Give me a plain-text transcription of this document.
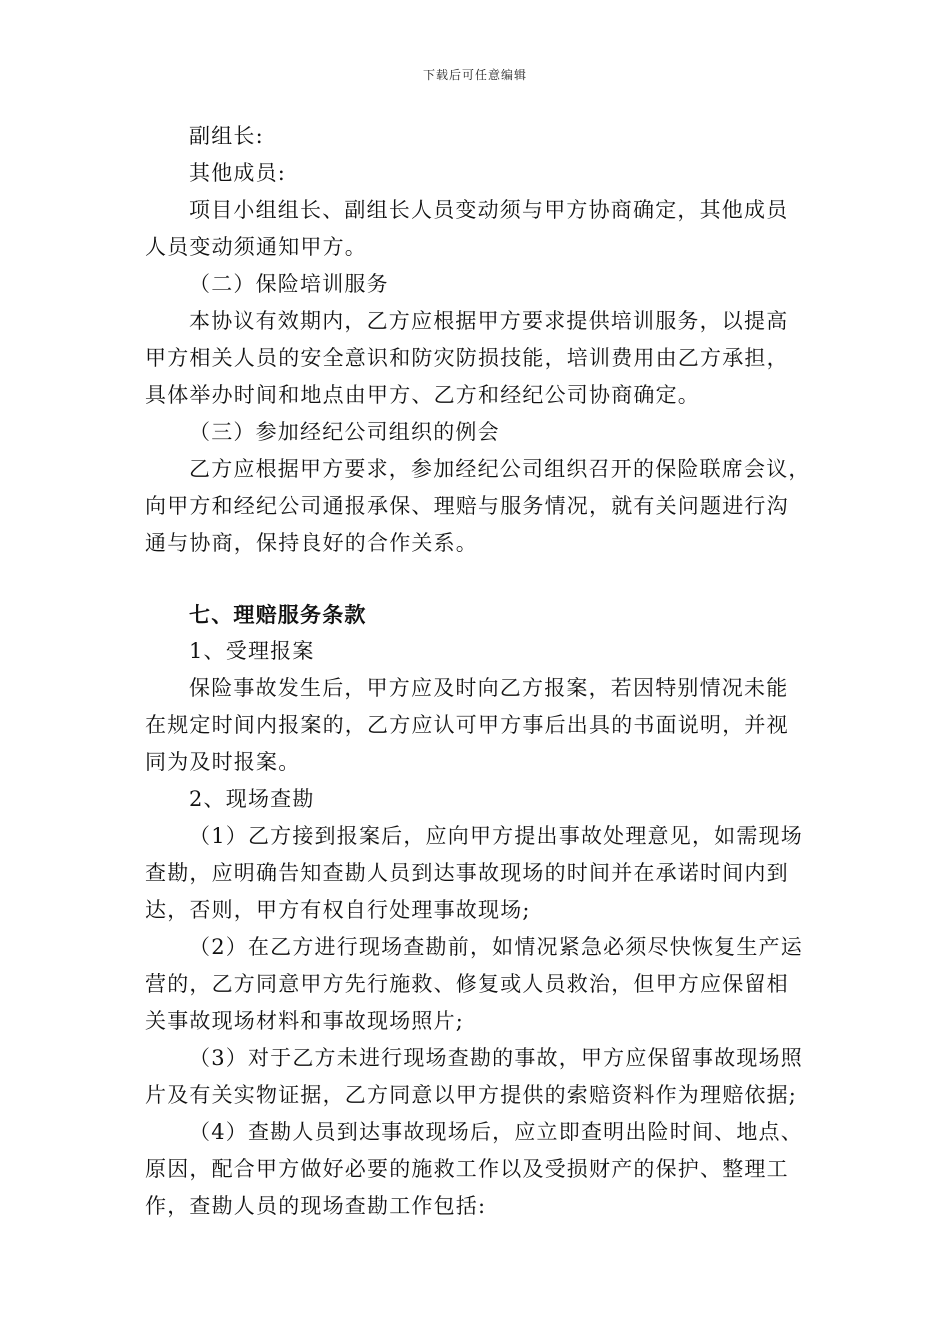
下载后可任意编辑
副组长:
其他成员:
项目小组组长、副组长人员变动须与甲方协商确定，其他成员
人员变动须通知甲方。
（二）保险培训服务
本协议有效期内，乙方应根据甲方要求提供培训服务，以提高
甲方相关人员的安全意识和防灾防损技能，培训费用由乙方承担，
具体举办时间和地点由甲方、乙方和经纪公司协商确定。
（三）参加经纪公司组织的例会
乙方应根据甲方要求，参加经纪公司组织召开的保险联席会议，
向甲方和经纪公司通报承保、理赔与服务情况，就有关问题进行沟
通与协商，保持良好的合作关系。
七、理赔服务条款
1、受理报案
保险事故发生后，甲方应及时向乙方报案，若因特别情况未能
在规定时间内报案的，乙方应认可甲方事后出具的书面说明，并视
同为及时报案。
2、现场查勘
（1）乙方接到报案后，应向甲方提出事故处理意见，如需现场
查勘，应明确告知查勘人员到达事故现场的时间并在承诺时间内到
达，否则，甲方有权自行处理事故现场;
（2）在乙方进行现场查勘前，如情况紧急必须尽快恢复生产运
营的，乙方同意甲方先行施救、修复或人员救治，但甲方应保留相
关事故现场材料和事故现场照片;
（3）对于乙方未进行现场查勘的事故，甲方应保留事故现场照
片及有关实物证据，乙方同意以甲方提供的索赔资料作为理赔依据;
（4）查勘人员到达事故现场后，应立即查明出险时间、地点、
原因，配合甲方做好必要的施救工作以及受损财产的保护、整理工
作，查勘人员的现场查勘工作包括:
